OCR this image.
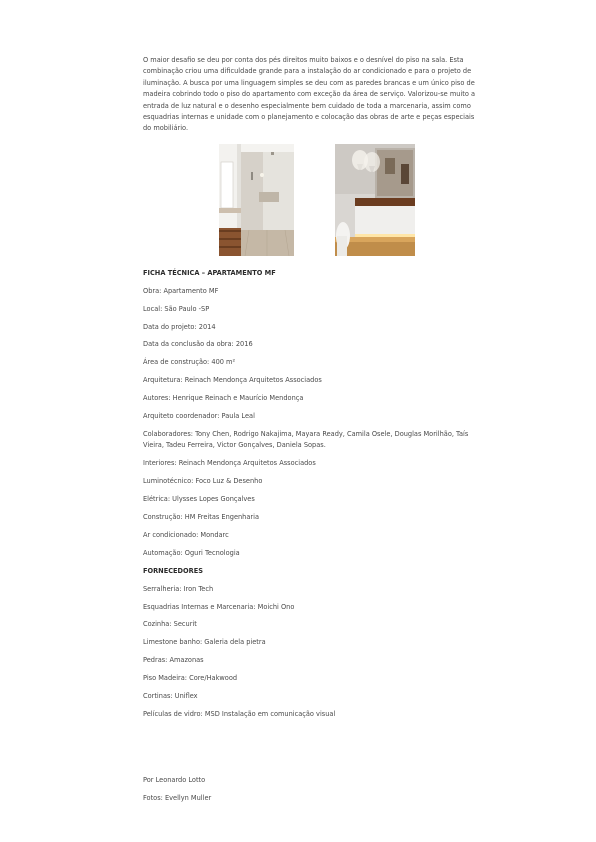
O maior desafio se deu por conta dos pés direitos muito baixos e o desnível do piso na sala. Esta combinação criou uma dificuldade grande para a instalação do ar condicionado e para o projeto de iluminação. A busca por uma linguagem simples se deu com as paredes brancas e um único piso de madeira cobrindo todo o piso do apartamento com exceção da área de serviço. Valorizou-se muito a entrada de luz natural e o desenho especialmente bem cuidado de toda a marcenaria, assim como esquadrias internas e unidade com o planejamento e colocação das obras de arte e peças especiais do mobiliário.

FICHA TÉCNICA – APARTAMENTO MF

Obra: Apartamento MF

Local: São Paulo -SP

Data do projeto: 2014

Data da conclusão da obra: 2016

Área de construção: 400 m²

Arquitetura: Reinach Mendonça Arquitetos Associados

Autores: Henrique Reinach e Maurício Mendonça

Arquiteto coordenador: Paula Leal

Colaboradores: Tony Chen, Rodrigo Nakajima, Mayara Ready, Camila Osele, Douglas Morilhão, Taís Vieira, Tadeu Ferreira, Victor Gonçalves, Daniela Sopas.

Interiores: Reinach Mendonça Arquitetos Associados

Luminotécnico: Foco Luz & Desenho

Elétrica: Ulysses Lopes Gonçalves

Construção: HM Freitas Engenharia

Ar condicionado: Mondarc

Automação: Oguri Tecnologia

FORNECEDORES

Serralheria: Iron Tech

Esquadrias Internas e Marcenaria: Moichi Ono

Cozinha: Securit

Limestone banho: Galeria dela pietra

Pedras: Amazonas

Piso Madeira: Core/Hakwood

Cortinas: Uniflex

Películas de vidro: MSD Instalação em comunicação visual

Por Leonardo Lotto

Fotos: Evellyn Muller
